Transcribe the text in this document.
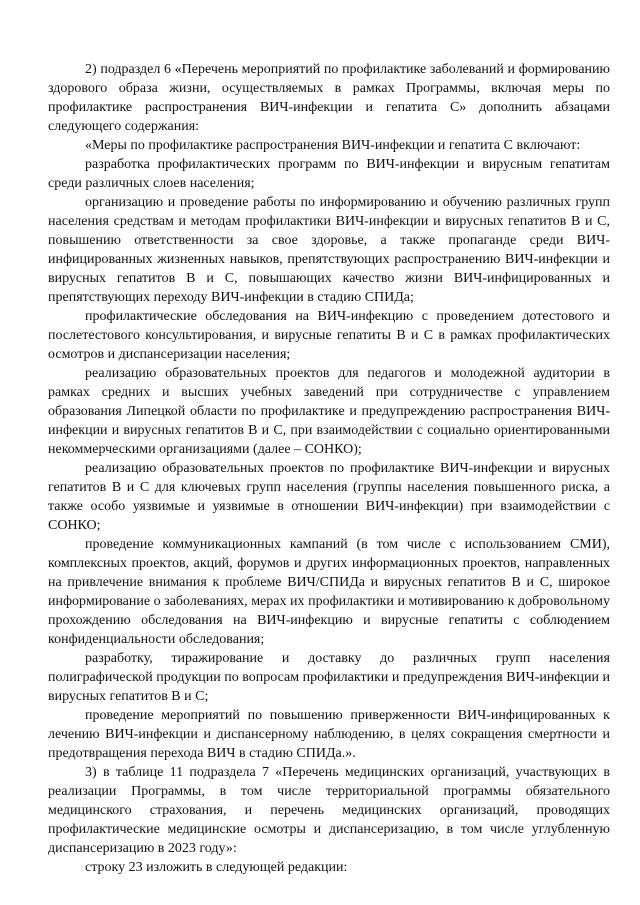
2) подраздел 6 «Перечень мероприятий по профилактике заболеваний и формированию здорового образа жизни, осуществляемых в рамках Программы, включая меры по профилактике распространения ВИЧ-инфекции и гепатита С» дополнить абзацами следующего содержания:

«Меры по профилактике распространения ВИЧ-инфекции и гепатита С включают:

разработка профилактических программ по ВИЧ-инфекции и вирусным гепатитам среди различных слоев населения;

организацию и проведение работы по информированию и обучению различных групп населения средствам и методам профилактики ВИЧ-инфекции и вирусных гепатитов В и С, повышению ответственности за свое здоровье, а также пропаганде среди ВИЧ-инфицированных жизненных навыков, препятствующих распространению ВИЧ-инфекции и вирусных гепатитов В и С, повышающих качество жизни ВИЧ-инфицированных и препятствующих переходу ВИЧ-инфекции в стадию СПИДа;

профилактические обследования на ВИЧ-инфекцию с проведением дотестового и послетестового консультирования, и вирусные гепатиты В и С в рамках профилактических осмотров и диспансеризации населения;

реализацию образовательных проектов для педагогов и молодежной аудитории в рамках средних и высших учебных заведений при сотрудничестве с управлением образования Липецкой области по профилактике и предупреждению распространения ВИЧ-инфекции и вирусных гепатитов В и С, при взаимодействии с социально ориентированными некоммерческими организациями (далее – СОНКО);

реализацию образовательных проектов по профилактике ВИЧ-инфекции и вирусных гепатитов В и С для ключевых групп населения (группы населения повышенного риска, а также особо уязвимые и уязвимые в отношении ВИЧ-инфекции) при взаимодействии с СОНКО;

проведение коммуникационных кампаний (в том числе с использованием СМИ), комплексных проектов, акций, форумов и других информационных проектов, направленных на привлечение внимания к проблеме ВИЧ/СПИДа и вирусных гепатитов В и С, широкое информирование о заболеваниях, мерах их профилактики и мотивированию к добровольному прохождению обследования на ВИЧ-инфекцию и вирусные гепатиты с соблюдением конфиденциальности обследования;

разработку, тиражирование и доставку до различных групп населения полиграфической продукции по вопросам профилактики и предупреждения ВИЧ-инфекции и вирусных гепатитов В и С;

проведение мероприятий по повышению приверженности ВИЧ-инфицированных к лечению ВИЧ-инфекции и диспансерному наблюдению, в целях сокращения смертности и предотвращения перехода ВИЧ в стадию СПИДа.».

3) в таблице 11 подраздела 7 «Перечень медицинских организаций, участвующих в реализации Программы, в том числе территориальной программы обязательного медицинского страхования, и перечень медицинских организаций, проводящих профилактические медицинские осмотры и диспансеризацию, в том числе углубленную диспансеризацию в 2023 году»:

строку 23 изложить в следующей редакции:
